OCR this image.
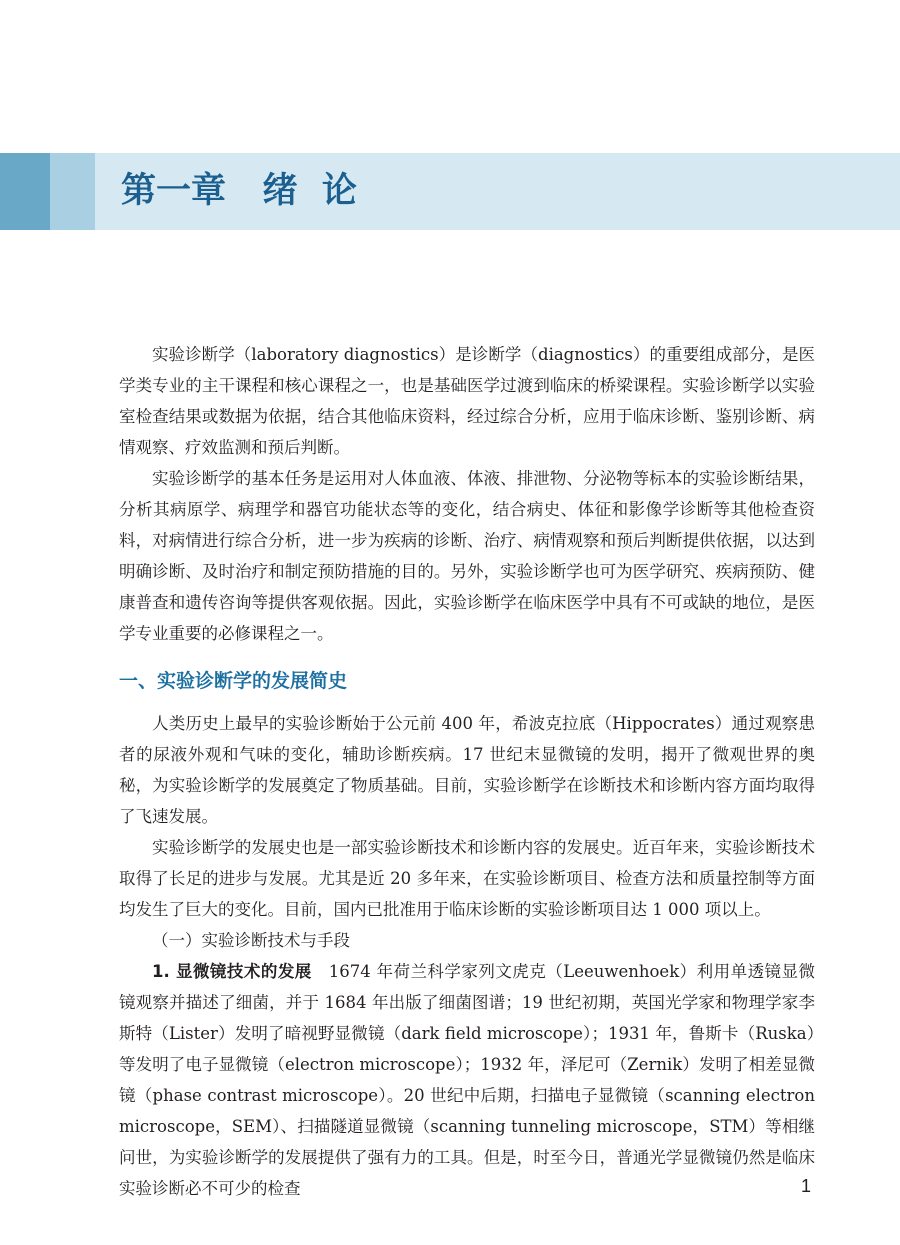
第一章   绪  论

实验诊断学（laboratory diagnostics）是诊断学（diagnostics）的重要组成部分，是医学类专业的主干课程和核心课程之一，也是基础医学过渡到临床的桥梁课程。实验诊断学以实验室检查结果或数据为依据，结合其他临床资料，经过综合分析，应用于临床诊断、鉴别诊断、病情观察、疗效监测和预后判断。

实验诊断学的基本任务是运用对人体血液、体液、排泄物、分泌物等标本的实验诊断结果，分析其病原学、病理学和器官功能状态等的变化，结合病史、体征和影像学诊断等其他检查资料，对病情进行综合分析，进一步为疾病的诊断、治疗、病情观察和预后判断提供依据，以达到明确诊断、及时治疗和制定预防措施的目的。另外，实验诊断学也可为医学研究、疾病预防、健康普查和遗传咨询等提供客观依据。因此，实验诊断学在临床医学中具有不可或缺的地位，是医学专业重要的必修课程之一。

一、实验诊断学的发展简史

人类历史上最早的实验诊断始于公元前 400 年，希波克拉底（Hippocrates）通过观察患者的尿液外观和气味的变化，辅助诊断疾病。17 世纪末显微镜的发明，揭开了微观世界的奥秘，为实验诊断学的发展奠定了物质基础。目前，实验诊断学在诊断技术和诊断内容方面均取得了飞速发展。

实验诊断学的发展史也是一部实验诊断技术和诊断内容的发展史。近百年来，实验诊断技术取得了长足的进步与发展。尤其是近 20 多年来，在实验诊断项目、检查方法和质量控制等方面均发生了巨大的变化。目前，国内已批准用于临床诊断的实验诊断项目达 1 000 项以上。

（一）实验诊断技术与手段

1. 显微镜技术的发展　1674 年荷兰科学家列文虎克（Leeuwenhoek）利用单透镜显微镜观察并描述了细菌，并于 1684 年出版了细菌图谱；19 世纪初期，英国光学家和物理学家李斯特（Lister）发明了暗视野显微镜（dark field microscope）；1931 年，鲁斯卡（Ruska）等发明了电子显微镜（electron microscope）；1932 年，泽尼可（Zernik）发明了相差显微镜（phase contrast microscope）。20 世纪中后期，扫描电子显微镜（scanning electron microscope，SEM）、扫描隧道显微镜（scanning tunneling microscope，STM）等相继问世，为实验诊断学的发展提供了强有力的工具。但是，时至今日，普通光学显微镜仍然是临床实验诊断必不可少的检查	1
